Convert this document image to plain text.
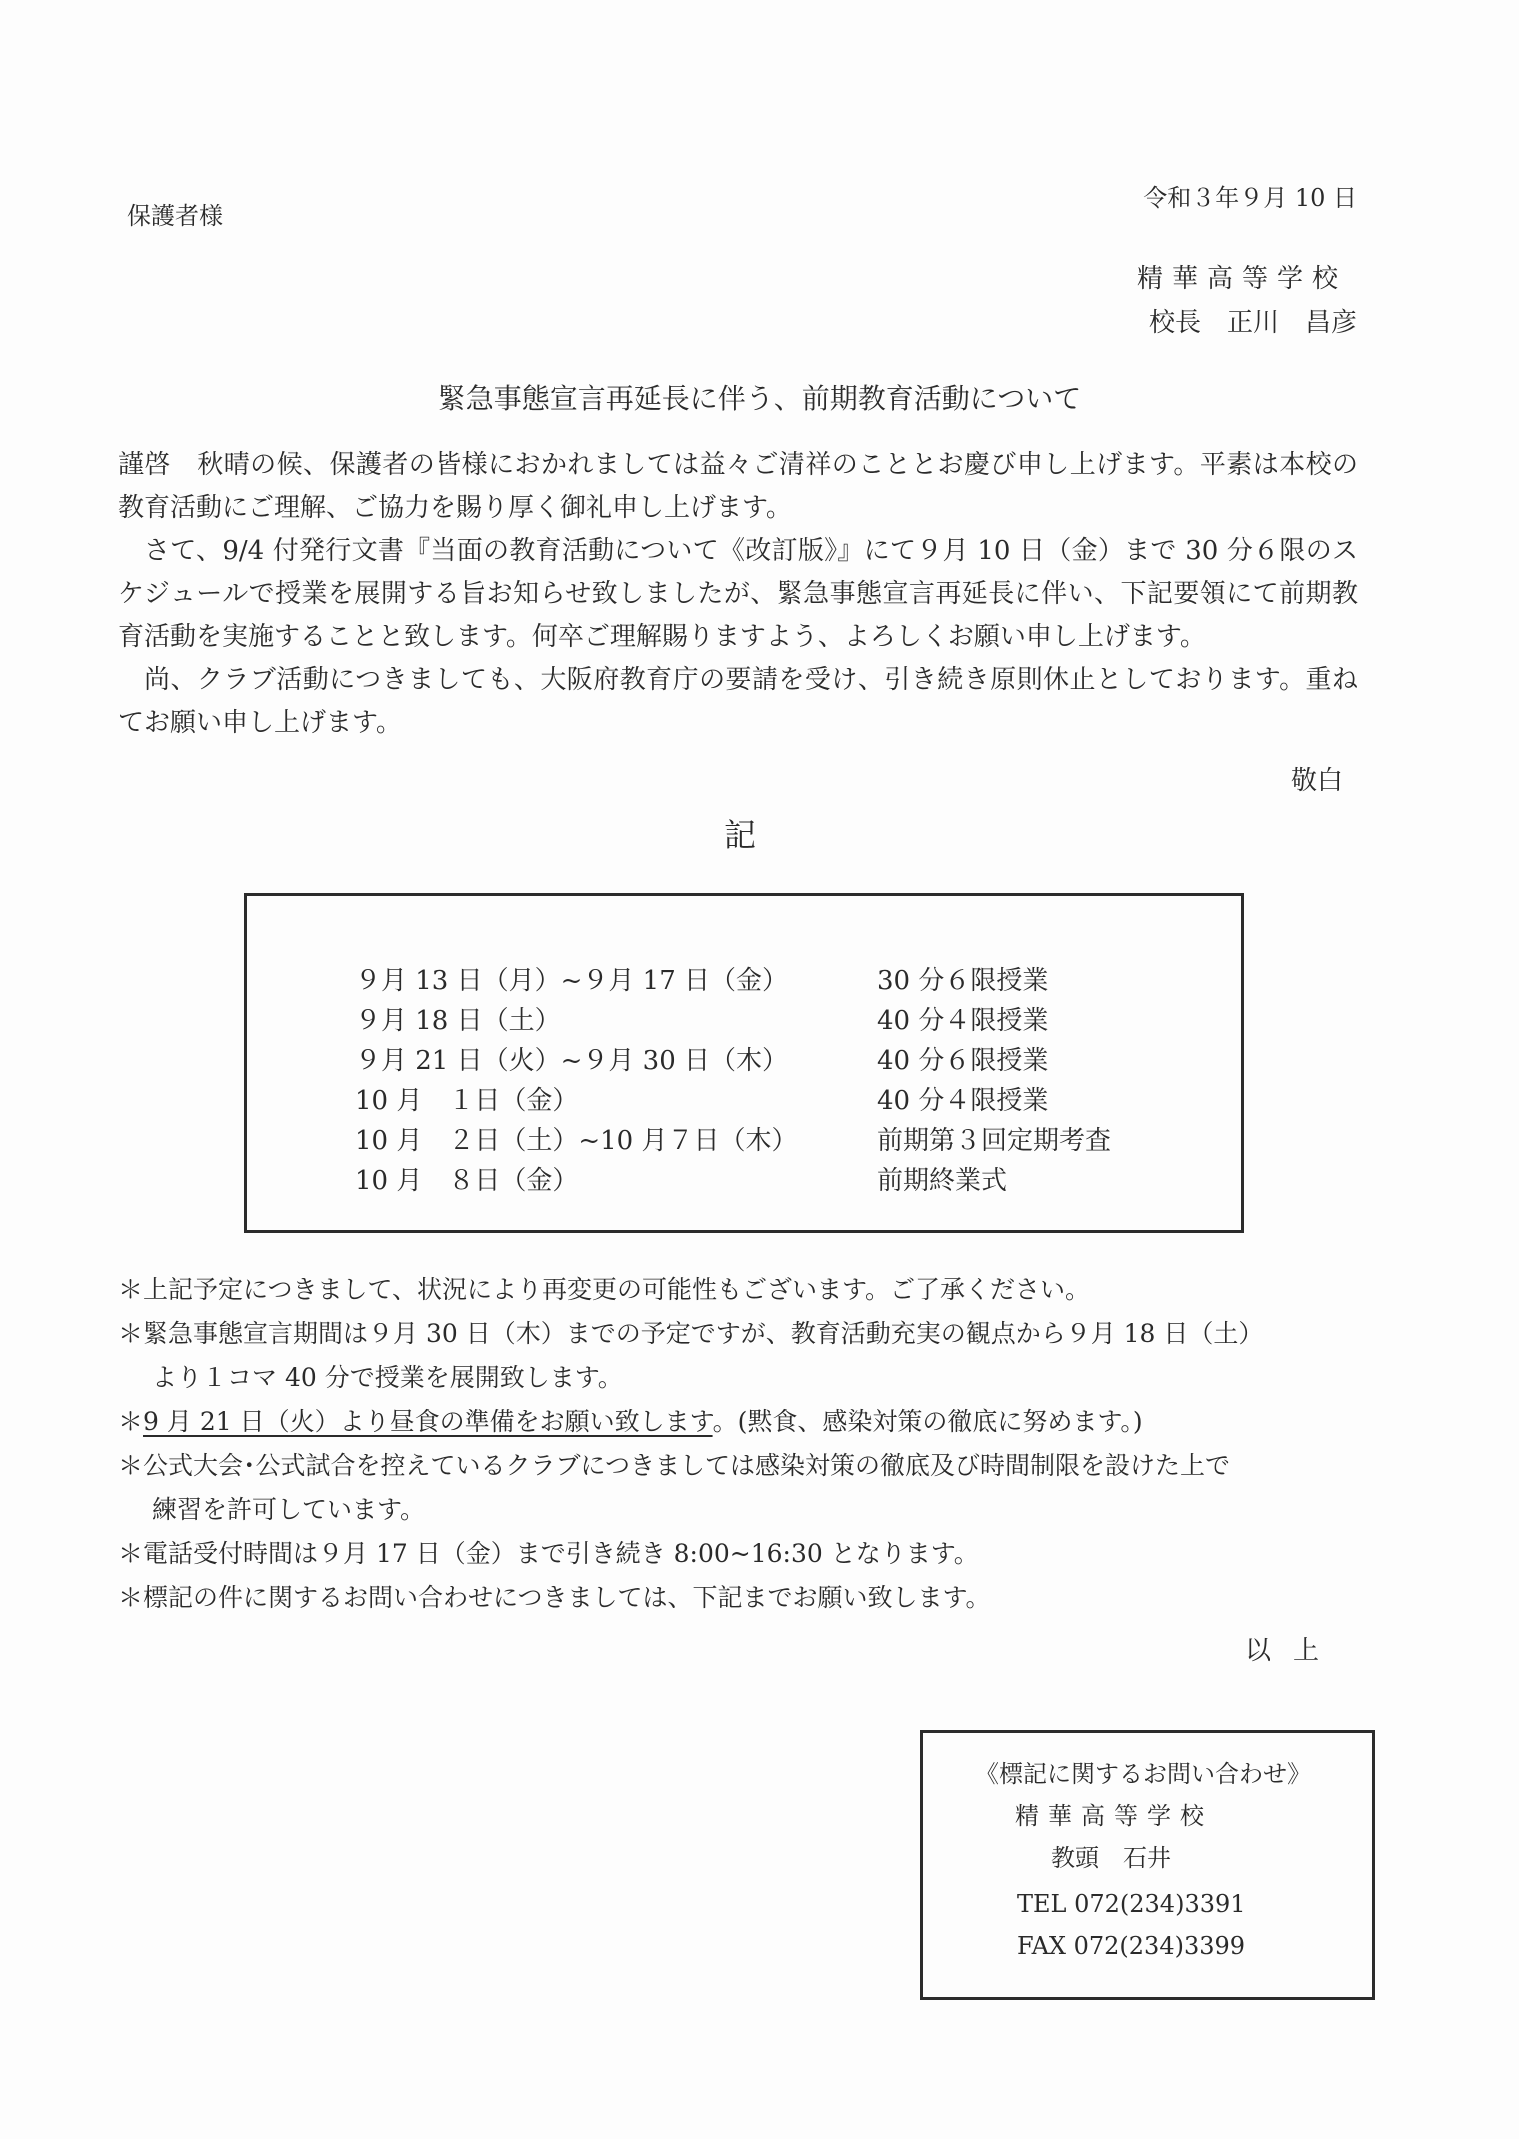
保護者様
令和３年９月 10 日
精華高等学校
校長　正川　昌彦
緊急事態宣言再延長に伴う、前期教育活動について

謹啓　秋晴の候、保護者の皆様におかれましては益々ご清祥のこととお慶び申し上げます。平素は本校の教育活動にご理解、ご協力を賜り厚く御礼申し上げます。

さて、9/4 付発行文書『当面の教育活動について《改訂版》』にて９月 10 日（金）まで 30 分６限のスケジュールで授業を展開する旨お知らせ致しましたが、緊急事態宣言再延長に伴い、下記要領にて前期教育活動を実施することと致します。何卒ご理解賜りますよう、よろしくお願い申し上げます。

尚、クラブ活動につきましても、大阪府教育庁の要請を受け、引き続き原則休止としております。重ねてお願い申し上げます。

敬白
記
９月 13 日（月）~９月 17 日（金）	30 分６限授業
９月 18 日（土）	40 分４限授業
９月 21 日（火）~９月 30 日（木）	40 分６限授業
10 月　１日（金）	40 分４限授業
10 月　２日（土）~10 月７日（木）	前期第３回定期考査
10 月　８日（金）	前期終業式

＊上記予定につきまして、状況により再変更の可能性もございます。ご了承ください。

＊緊急事態宣言期間は９月 30 日（木）までの予定ですが、教育活動充実の観点から９月 18 日（土）

より１コマ 40 分で授業を展開致します。

＊9 月 21 日（火）より昼食の準備をお願い致します。(黙食、感染対策の徹底に努めます。)

＊公式大会･公式試合を控えているクラブにつきましては感染対策の徹底及び時間制限を設けた上で

練習を許可しています。

＊電話受付時間は９月 17 日（金）まで引き続き 8:00~16:30 となります。

＊標記の件に関するお問い合わせにつきましては、下記までお願い致します。

以上
《標記に関するお問い合わせ》
精華高等学校
教頭　石井
TEL 072(234)3391
FAX 072(234)3399
